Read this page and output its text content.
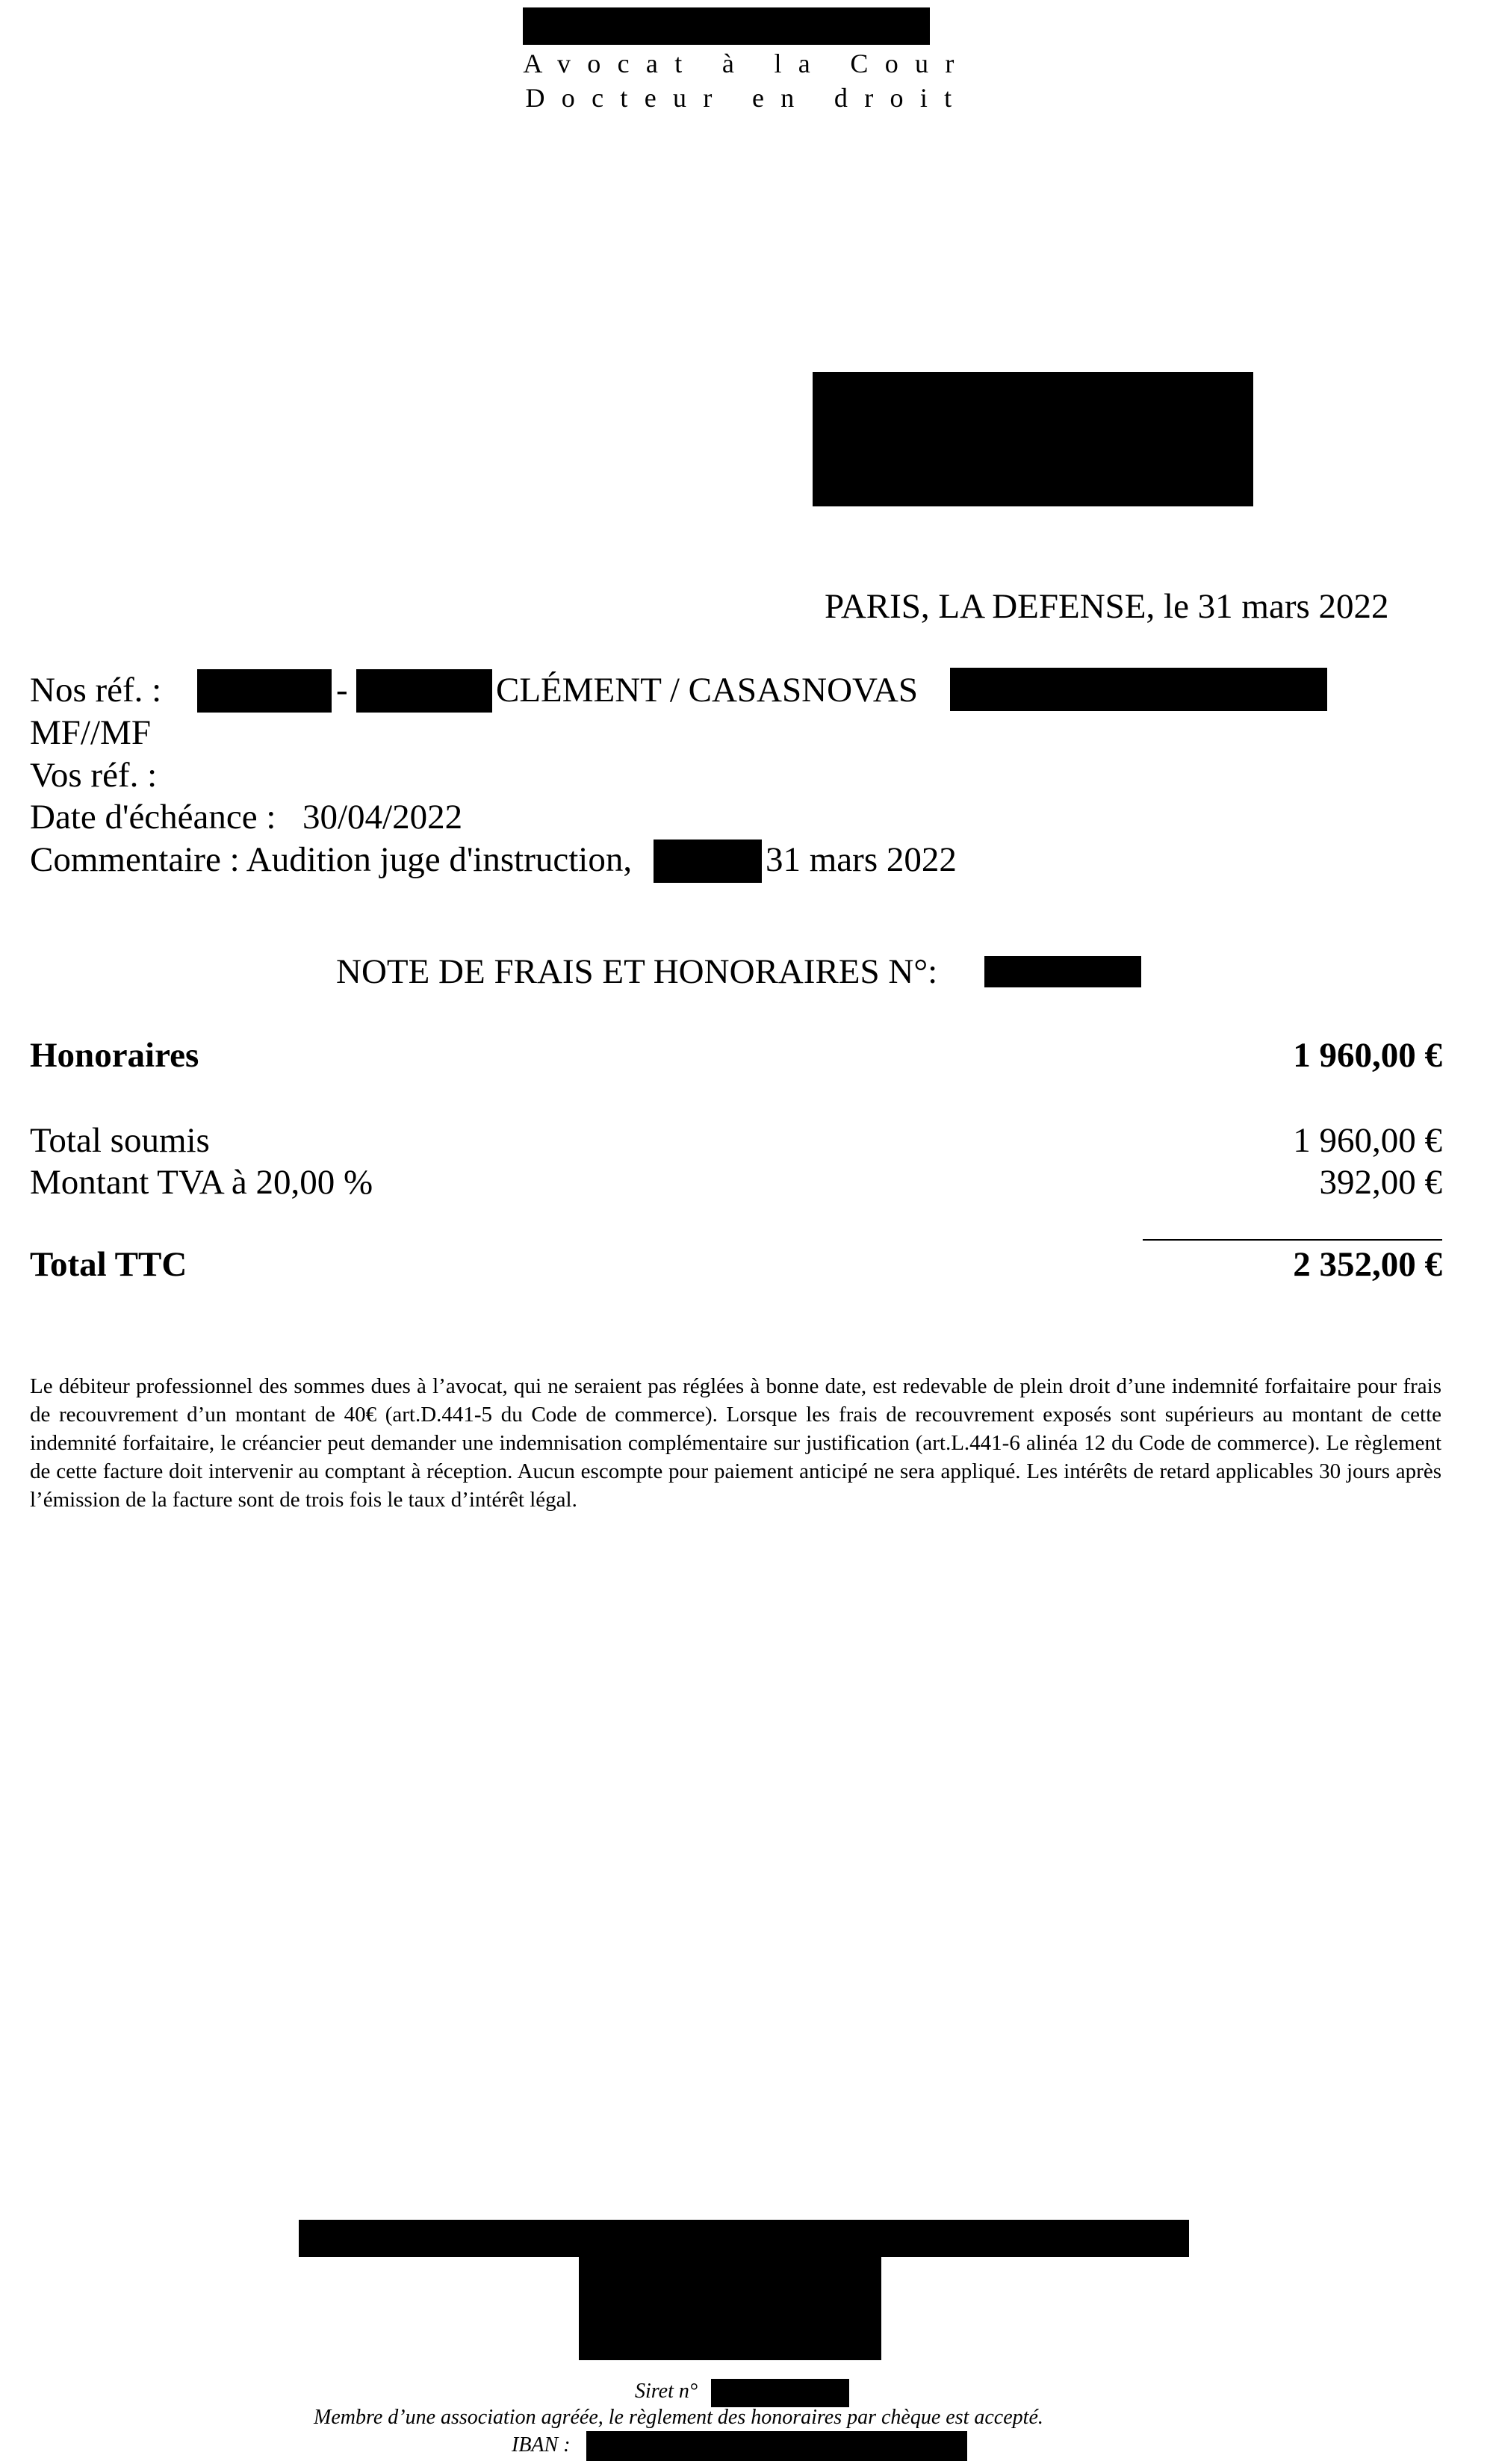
Avocat à la Cour
Docteur en droit
PARIS, LA DEFENSE, le 31 mars 2022
Nos réf. :	-	CLÉMENT / CASASNOVAS
MF//MF
Vos réf. :
Date d'échéance : 30/04/2022
Commentaire : Audition juge d'instruction,	31 mars 2022
NOTE DE FRAIS ET HONORAIRES N°:
Honoraires	1 960,00 €
Total soumis	1 960,00 €
Montant TVA à 20,00 %	392,00 €
Total TTC	2 352,00 €
Le débiteur professionnel des sommes dues à l’avocat, qui ne seraient pas réglées à bonne date, est redevable de plein droit d’une indemnité forfaitaire pour frais de recouvrement d’un montant de 40€ (art.D.441-5 du Code de commerce). Lorsque les frais de recouvrement exposés sont supérieurs au montant de cette indemnité forfaitaire, le créancier peut demander une indemnisation complémentaire sur justification (art.L.441-6 alinéa 12 du Code de commerce). Le règlement de cette facture doit intervenir au comptant à réception. Aucun escompte pour paiement anticipé ne sera appliqué. Les intérêts de retard applicables 30 jours après l’émission de la facture sont de trois fois le taux d’intérêt légal.
Siret n°
Membre d’une association agréée, le règlement des honoraires par chèque est accepté.
IBAN :
